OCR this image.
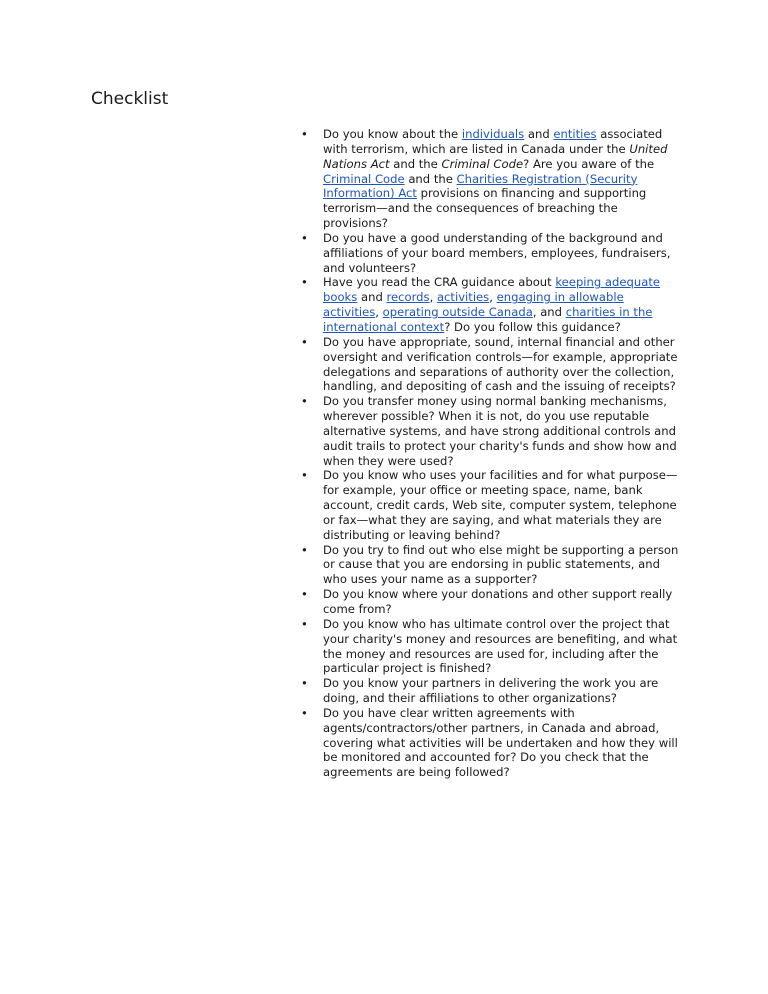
Checklist
• Do you know about the individuals and entities associated with terrorism, which are listed in Canada under the United Nations Act and the Criminal Code? Are you aware of the Criminal Code and the Charities Registration (Security Information) Act provisions on financing and supporting terrorism—and the consequences of breaching the provisions?
• Do you have a good understanding of the background and affiliations of your board members, employees, fundraisers, and volunteers?
• Have you read the CRA guidance about keeping adequate books and records, activities, engaging in allowable activities, operating outside Canada, and charities in the international context? Do you follow this guidance?
• Do you have appropriate, sound, internal financial and other oversight and verification controls—for example, appropriate delegations and separations of authority over the collection, handling, and depositing of cash and the issuing of receipts?
• Do you transfer money using normal banking mechanisms, wherever possible? When it is not, do you use reputable alternative systems, and have strong additional controls and audit trails to protect your charity's funds and show how and when they were used?
• Do you know who uses your facilities and for what purpose—for example, your office or meeting space, name, bank account, credit cards, Web site, computer system, telephone or fax—what they are saying, and what materials they are distributing or leaving behind?
• Do you try to find out who else might be supporting a person or cause that you are endorsing in public statements, and who uses your name as a supporter?
• Do you know where your donations and other support really come from?
• Do you know who has ultimate control over the project that your charity's money and resources are benefiting, and what the money and resources are used for, including after the particular project is finished?
• Do you know your partners in delivering the work you are doing, and their affiliations to other organizations?
• Do you have clear written agreements with agents/contractors/other partners, in Canada and abroad, covering what activities will be undertaken and how they will be monitored and accounted for? Do you check that the agreements are being followed?
